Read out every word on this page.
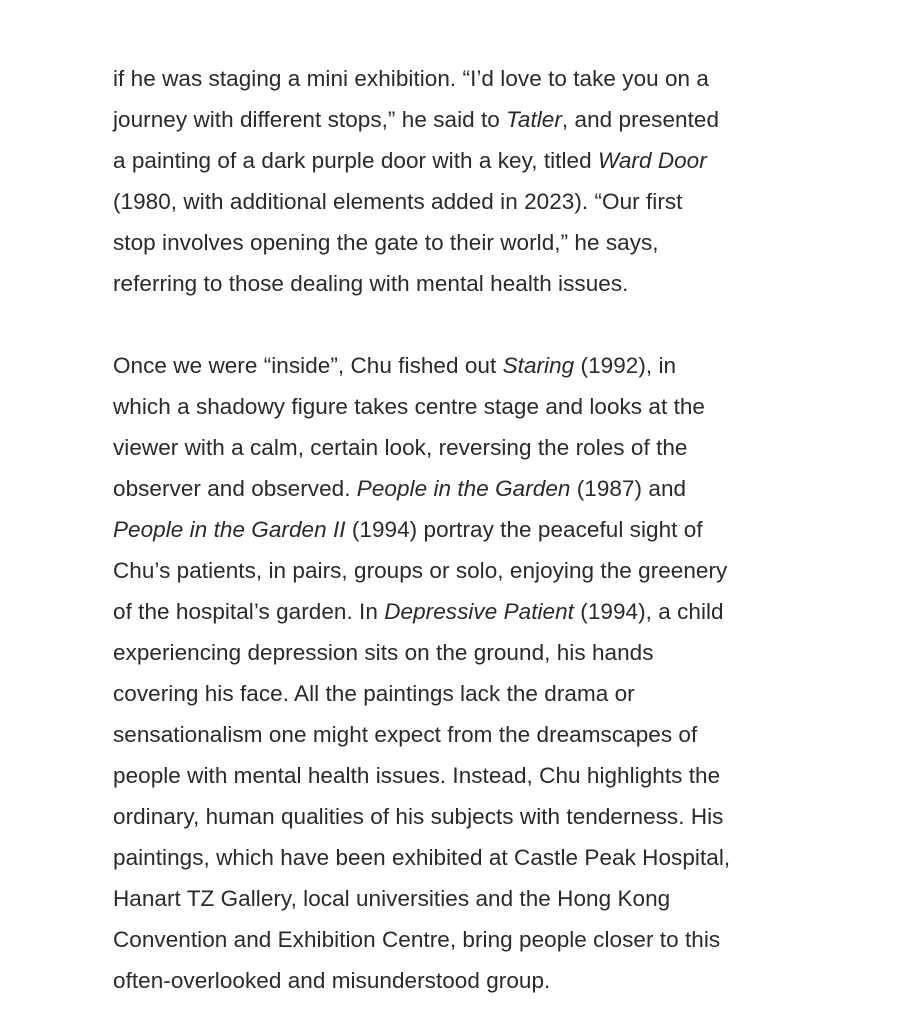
if he was staging a mini exhibition. “I’d love to take you on a
journey with different stops,” he said to Tatler, and presented
a painting of a dark purple door with a key, titled Ward Door
(1980, with additional elements added in 2023). “Our first
stop involves opening the gate to their world,” he says,
referring to those dealing with mental health issues.

Once we were “inside”, Chu fished out Staring (1992), in
which a shadowy figure takes centre stage and looks at the
viewer with a calm, certain look, reversing the roles of the
observer and observed. People in the Garden (1987) and
People in the Garden II (1994) portray the peaceful sight of
Chu’s patients, in pairs, groups or solo, enjoying the greenery
of the hospital’s garden. In Depressive Patient (1994), a child
experiencing depression sits on the ground, his hands
covering his face. All the paintings lack the drama or
sensationalism one might expect from the dreamscapes of
people with mental health issues. Instead, Chu highlights the
ordinary, human qualities of his subjects with tenderness. His
paintings, which have been exhibited at Castle Peak Hospital,
Hanart TZ Gallery, local universities and the Hong Kong
Convention and Exhibition Centre, bring people closer to this
often-overlooked and misunderstood group.
